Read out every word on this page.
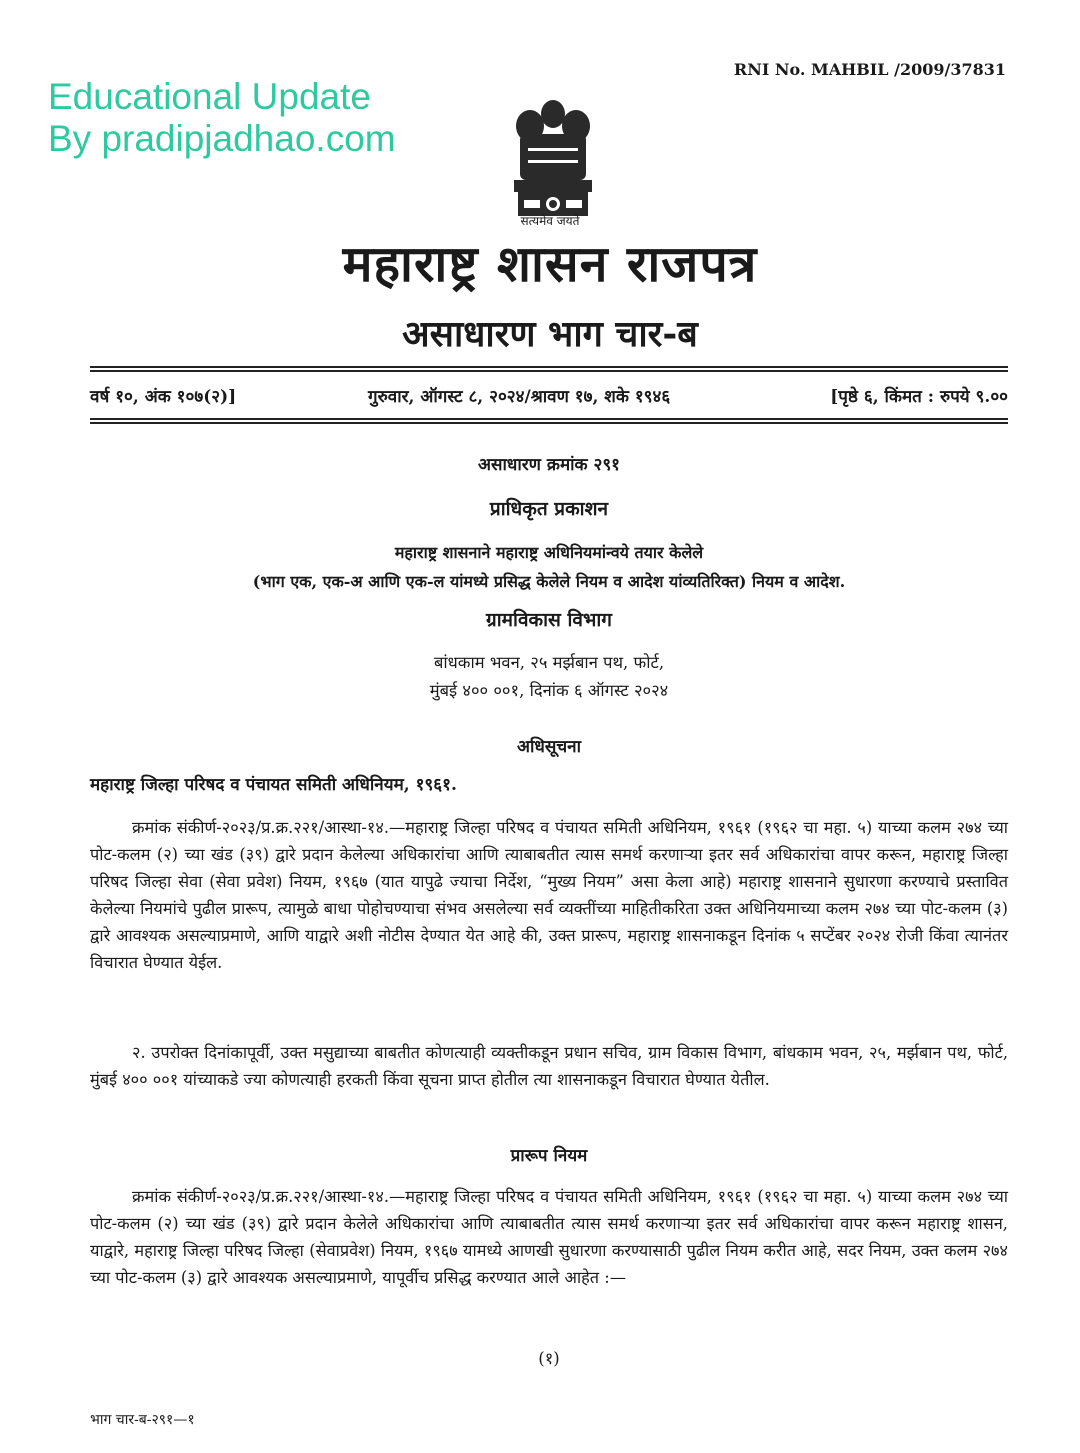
Educational Update
By pradipjadhao.com
RNI No. MAHBIL /2009/37831
सत्यमेव जयते
महाराष्ट्र शासन राजपत्र
असाधारण भाग चार-ब
वर्ष १०, अंक १०७(२)]	गुरुवार, ऑगस्ट ८, २०२४/श्रावण १७, शके १९४६	[पृष्ठे ६, किंमत : रुपये ९.००
असाधारण क्रमांक २९१
प्राधिकृत प्रकाशन
महाराष्ट्र शासनाने महाराष्ट्र अधिनियमांन्वये तयार केलेले
(भाग एक, एक-अ आणि एक-ल यांमध्ये प्रसिद्ध केलेले नियम व आदेश यांव्यतिरिक्त) नियम व आदेश.
ग्रामविकास विभाग
बांधकाम भवन, २५ मर्झबान पथ, फोर्ट,
मुंबई ४०० ००१, दिनांक ६ ऑगस्ट २०२४
अधिसूचना
महाराष्ट्र जिल्हा परिषद व पंचायत समिती अधिनियम, १९६१.
क्रमांक संकीर्ण-२०२३/प्र.क्र.२२१/आस्था-१४.—महाराष्ट्र जिल्हा परिषद व पंचायत समिती अधिनियम, १९६१ (१९६२ चा महा. ५) याच्या कलम २७४ च्या पोट-कलम (२) च्या खंड (३९) द्वारे प्रदान केलेल्या अधिकारांचा आणि त्याबाबतीत त्यास समर्थ करणाऱ्या इतर सर्व अधिकारांचा वापर करून, महाराष्ट्र जिल्हा परिषद जिल्हा सेवा (सेवा प्रवेश) नियम, १९६७ (यात यापुढे ज्याचा निर्देश, “मुख्य नियम” असा केला आहे) महाराष्ट्र शासनाने सुधारणा करण्याचे प्रस्तावित केलेल्या नियमांचे पुढील प्रारूप, त्यामुळे बाधा पोहोचण्याचा संभव असलेल्या सर्व व्यक्तींच्या माहितीकरिता उक्त अधिनियमाच्या कलम २७४ च्या पोट-कलम (३) द्वारे आवश्यक असल्याप्रमाणे, आणि याद्वारे अशी नोटीस देण्यात येत आहे की, उक्त प्रारूप, महाराष्ट्र शासनाकडून दिनांक ५ सप्टेंबर २०२४ रोजी किंवा त्यानंतर विचारात घेण्यात येईल.
२. उपरोक्त दिनांकापूर्वी, उक्त मसुद्याच्या बाबतीत कोणत्याही व्यक्तीकडून प्रधान सचिव, ग्राम विकास विभाग, बांधकाम भवन, २५, मर्झबान पथ, फोर्ट, मुंबई ४०० ००१ यांच्याकडे ज्या कोणत्याही हरकती किंवा सूचना प्राप्त होतील त्या शासनाकडून विचारात घेण्यात येतील.
प्रारूप नियम
क्रमांक संकीर्ण-२०२३/प्र.क्र.२२१/आस्था-१४.—महाराष्ट्र जिल्हा परिषद व पंचायत समिती अधिनियम, १९६१ (१९६२ चा महा. ५) याच्या कलम २७४ च्या पोट-कलम (२) च्या खंड (३९) द्वारे प्रदान केलेले अधिकारांचा आणि त्याबाबतीत त्यास समर्थ करणाऱ्या इतर सर्व अधिकारांचा वापर करून महाराष्ट्र शासन, याद्वारे, महाराष्ट्र जिल्हा परिषद जिल्हा (सेवाप्रवेश) नियम, १९६७ यामध्ये आणखी सुधारणा करण्यासाठी पुढील नियम करीत आहे, सदर नियम, उक्त कलम २७४ च्या पोट-कलम (३) द्वारे आवश्यक असल्याप्रमाणे, यापूर्वीच प्रसिद्ध करण्यात आले आहेत :—
(१)
भाग चार-ब-२९१—१
